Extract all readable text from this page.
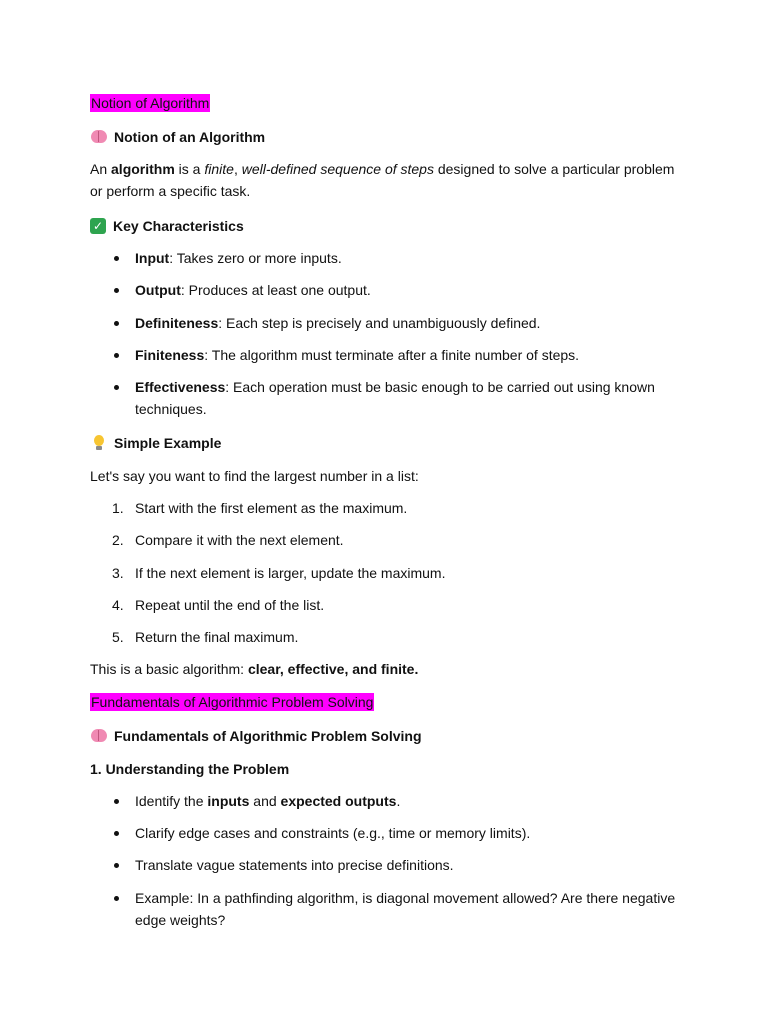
Notion of Algorithm

Notion of an Algorithm

An algorithm is a finite, well-defined sequence of steps designed to solve a particular problem or perform a specific task.

✓ Key Characteristics

Input: Takes zero or more inputs.

Output: Produces at least one output.

Definiteness: Each step is precisely and unambiguously defined.

Finiteness: The algorithm must terminate after a finite number of steps.

Effectiveness: Each operation must be basic enough to be carried out using known techniques.

Simple Example

Let's say you want to find the largest number in a list:

1. Start with the first element as the maximum.

2. Compare it with the next element.

3. If the next element is larger, update the maximum.

4. Repeat until the end of the list.

5. Return the final maximum.

This is a basic algorithm: clear, effective, and finite.

Fundamentals of Algorithmic Problem Solving

Fundamentals of Algorithmic Problem Solving

1. Understanding the Problem

Identify the inputs and expected outputs.

Clarify edge cases and constraints (e.g., time or memory limits).

Translate vague statements into precise definitions.

Example: In a pathfinding algorithm, is diagonal movement allowed? Are there negative edge weights?
